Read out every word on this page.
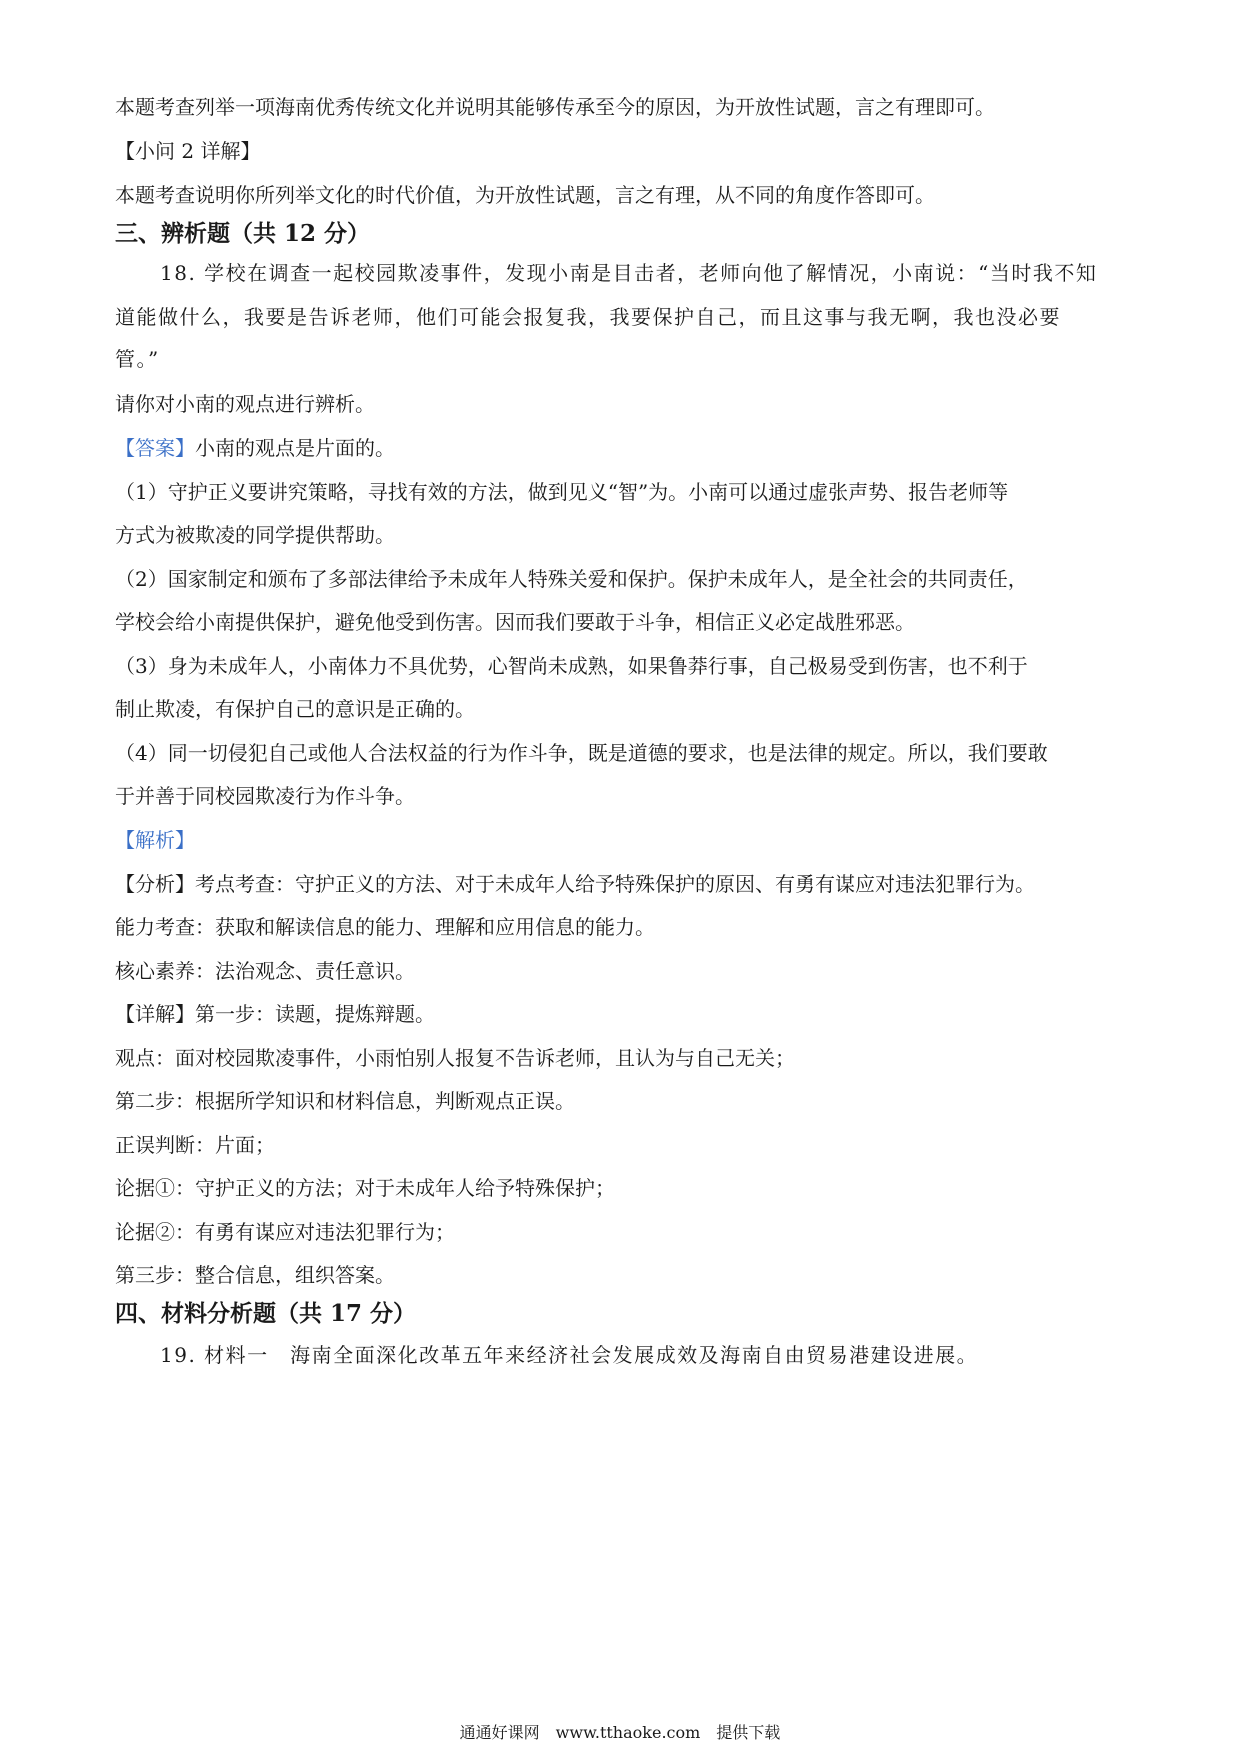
本题考查列举一项海南优秀传统文化并说明其能够传承至今的原因，为开放性试题，言之有理即可。
【小问 2 详解】
本题考查说明你所列举文化的时代价值，为开放性试题，言之有理，从不同的角度作答即可。
三、辨析题（共 12 分）
18. 学校在调查一起校园欺凌事件，发现小南是目击者，老师向他了解情况，小南说：“当时我不知
道能做什么，我要是告诉老师，他们可能会报复我，我要保护自己，而且这事与我无啊，我也没必要
管。”
请你对小南的观点进行辨析。
【答案】小南的观点是片面的。
（1）守护正义要讲究策略，寻找有效的方法，做到见义“智”为。小南可以通过虚张声势、报告老师等
方式为被欺凌的同学提供帮助。
（2）国家制定和颁布了多部法律给予未成年人特殊关爱和保护。保护未成年人，是全社会的共同责任，
学校会给小南提供保护，避免他受到伤害。因而我们要敢于斗争，相信正义必定战胜邪恶。
（3）身为未成年人，小南体力不具优势，心智尚未成熟，如果鲁莽行事，自己极易受到伤害，也不利于
制止欺凌，有保护自己的意识是正确的。
（4）同一切侵犯自己或他人合法权益的行为作斗争，既是道德的要求，也是法律的规定。所以，我们要敢
于并善于同校园欺凌行为作斗争。
【解析】
【分析】考点考查：守护正义的方法、对于未成年人给予特殊保护的原因、有勇有谋应对违法犯罪行为。
能力考查：获取和解读信息的能力、理解和应用信息的能力。
核心素养：法治观念、责任意识。
【详解】第一步：读题，提炼辩题。
观点：面对校园欺凌事件，小雨怕别人报复不告诉老师，且认为与自己无关；
第二步：根据所学知识和材料信息，判断观点正误。
正误判断：片面；
论据①：守护正义的方法；对于未成年人给予特殊保护；
论据②：有勇有谋应对违法犯罪行为；
第三步：整合信息，组织答案。
四、材料分析题（共 17 分）
19. 材料一　海南全面深化改革五年来经济社会发展成效及海南自由贸易港建设进展。
通通好课网　www.tthaoke.com　提供下载
